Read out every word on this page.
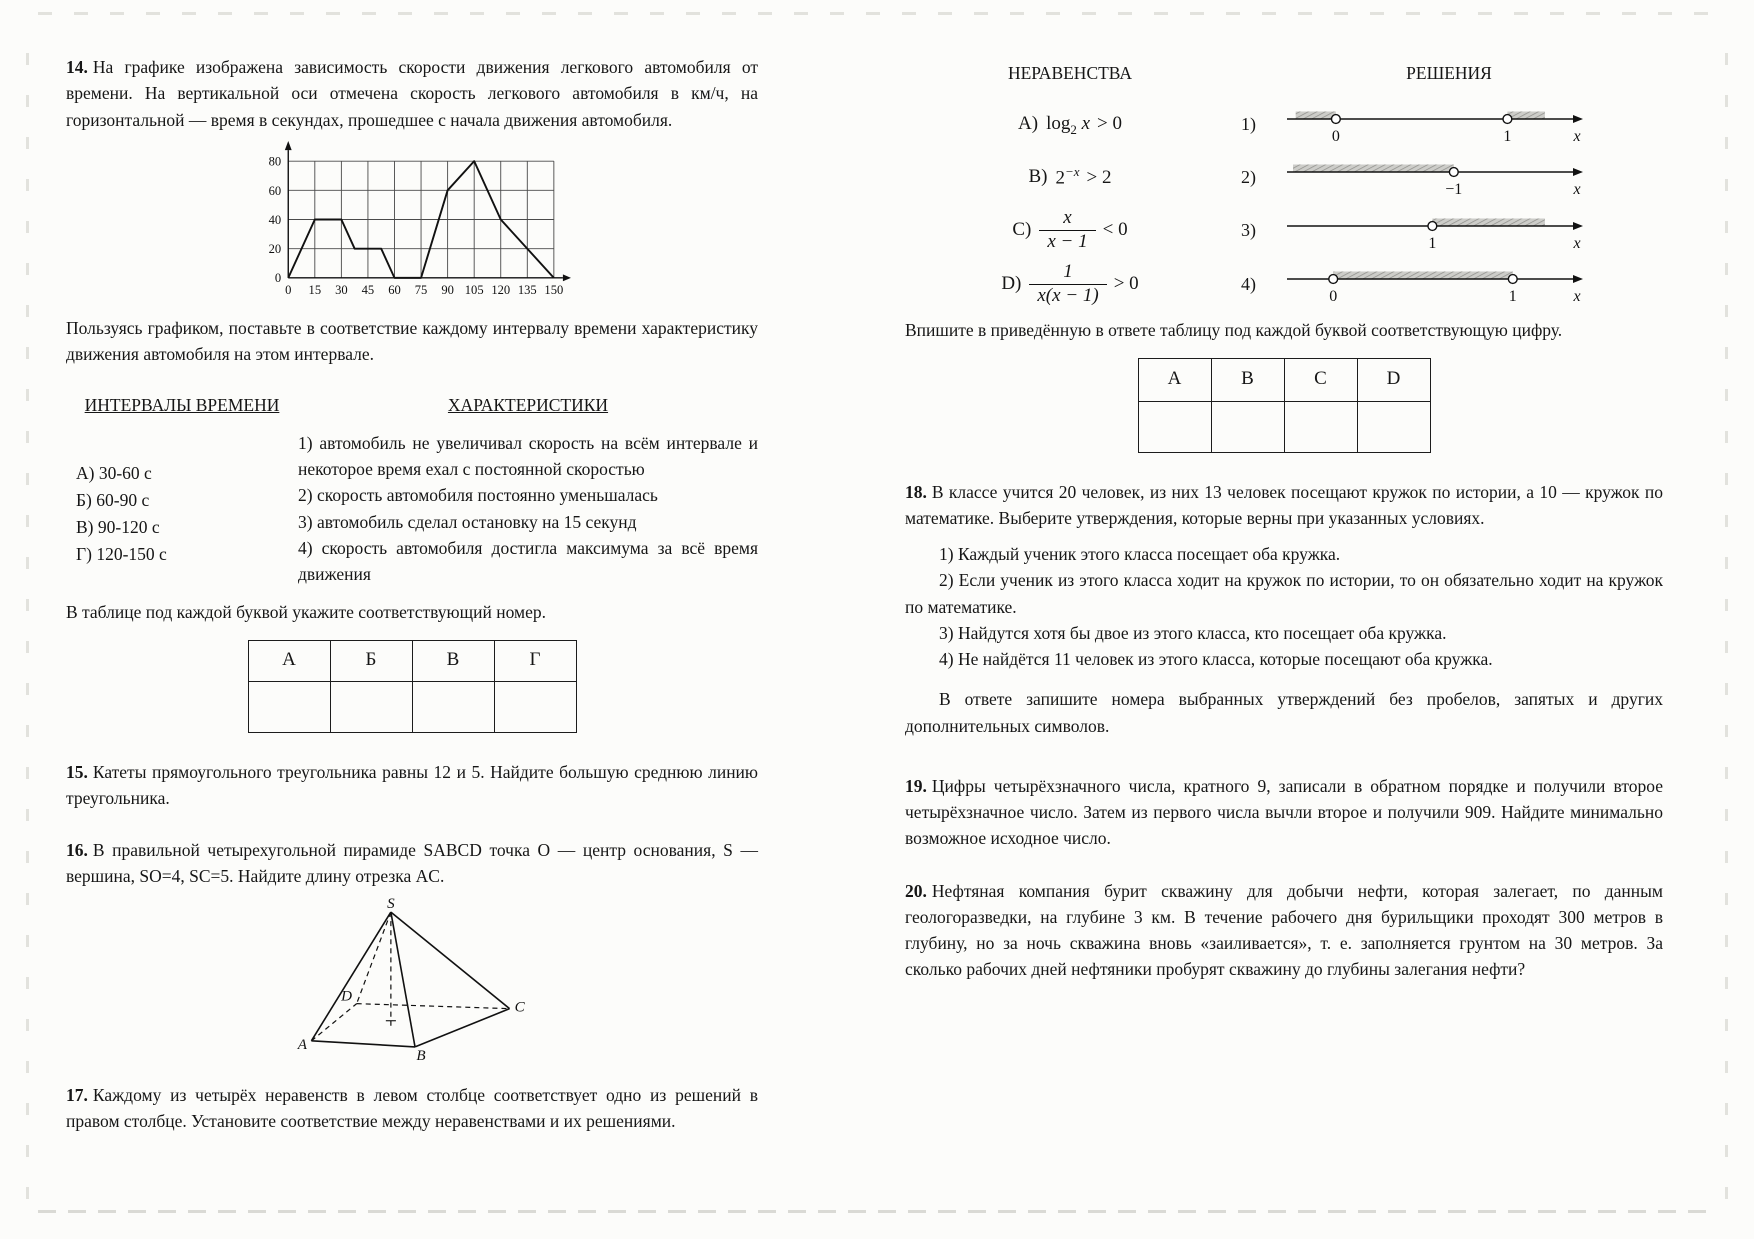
14. На графике изображена зависимость скорости движения легкового автомобиля от времени. На вертикальной оси отмечена скорость легкового автомобиля в км/ч, на горизонтальной — время в секундах, прошедшее с начала движения автомобиля.

20
40
60
80
0
0 15 30 45 60 75 90 105 120 135 150

Пользуясь графиком, поставьте в соответствие каждому интервалу времени характеристику движения автомобиля на этом интервале.

ИНТЕРВАЛЫ ВРЕМЕНИ
А) 30-60 с
Б) 60-90 с
В) 90-120 с
Г) 120-150 с
ХАРАКТЕРИСТИКИ

1) автомобиль не увеличивал скорость на всём интервале и некоторое время ехал с постоянной скоростью

2) скорость автомобиля постоянно уменьшалась

3) автомобиль сделал остановку на 15 секунд

4) скорость автомобиля достигла максимума за всё время движения

В таблице под каждой буквой укажите соответствующий номер.

А	Б	В	Г

15. Катеты прямоугольного треугольника равны 12 и 5. Найдите большую среднюю линию треугольника.

16. В правильной четырехугольной пирамиде SABCD точка O — центр основания, S — вершина, SO=4, SC=5. Найдите длину отрезка AC.

S
A
B
C
D

17. Каждому из четырёх неравенств в левом столбце соответствует одно из решений в правом столбце. Установите соответствие между неравенствами и их решениями.

НЕРАВЕНСТВА	РЕШЕНИЯ
A) $\log_2 x > 0$	1)
0	1	x
B) $2^{-x} > 2$	2)
−1	x
$C) \frac{x}{x - 1} < 0$	3)
1	x
$D) \frac{1}{x(x - 1)} > 0$	4)
0	1	x

Впишите в приведённую в ответе таблицу под каждой буквой соответствующую цифру.

A	B	C	D

18. В классе учится 20 человек, из них 13 человек посещают кружок по истории, а 10 — кружок по математике. Выберите утверждения, которые верны при указанных условиях.

1) Каждый ученик этого класса посещает оба кружка.

2) Если ученик из этого класса ходит на кружок по истории, то он обязательно ходит на кружок по математике.

3) Найдутся хотя бы двое из этого класса, кто посещает оба кружка.

4) Не найдётся 11 человек из этого класса, которые посещают оба кружка.

В ответе запишите номера выбранных утверждений без пробелов, запятых и других дополнительных символов.

19. Цифры четырёхзначного числа, кратного 9, записали в обратном порядке и получили второе четырёхзначное число. Затем из первого числа вычли второе и получили 909. Найдите минимально возможное исходное число.

20. Нефтяная компания бурит скважину для добычи нефти, которая залегает, по данным геологоразведки, на глубине 3 км. В течение рабочего дня бурильщики проходят 300 метров в глубину, но за ночь скважина вновь «заиливается», т. е. заполняется грунтом на 30 метров. За сколько рабочих дней нефтяники пробурят скважину до глубины залегания нефти?
